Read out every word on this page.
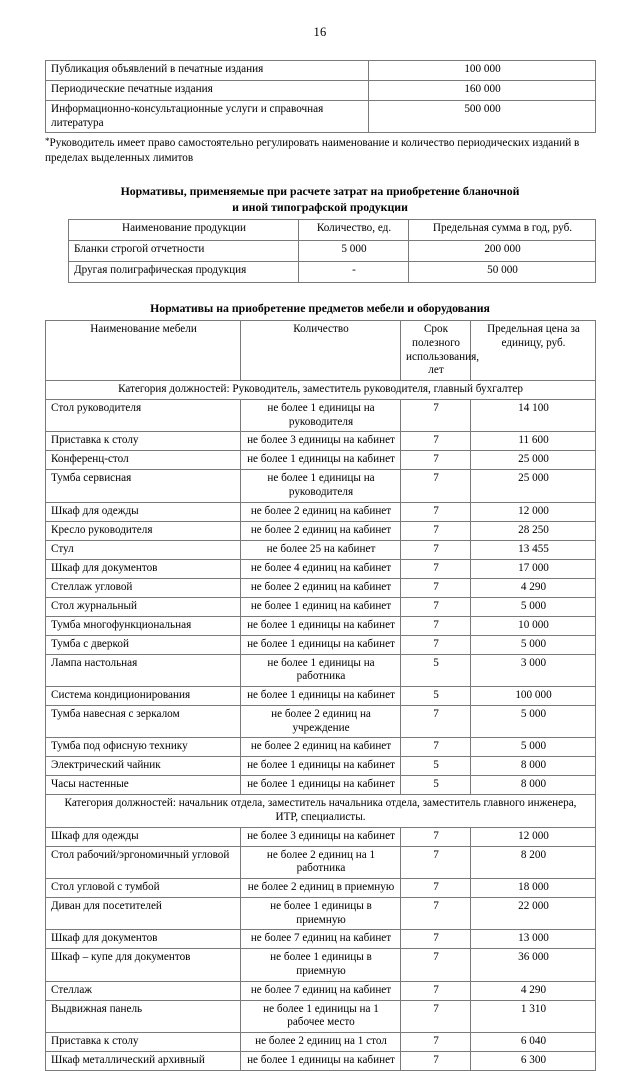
16
Публикация объявлений в печатные издания	100 000
Периодические печатные издания	160 000
Информационно-консультационные услуги и справочная литература	500 000
*Руководитель имеет право самостоятельно регулировать наименование и количество периодических изданий в пределах выделенных лимитов
Нормативы, применяемые при расчете затрат на приобретение бланочной
и иной типографской продукции
Наименование продукции	Количество, ед.	Предельная сумма в год, руб.
Бланки строгой отчетности	5 000	200 000
Другая полиграфическая продукция	-	50 000
Нормативы на приобретение предметов мебели и оборудования
Наименование мебели	Количество	Срок полезного использования, лет	Предельная цена за единицу, руб.
Категория должностей: Руководитель, заместитель руководителя, главный бухгалтер			
Стол руководителя	не более 1 единицы на руководителя	7	14 100
Приставка к столу	не более 3 единицы на кабинет	7	11 600
Конференц-стол	не более 1 единицы на кабинет	7	25 000
Тумба сервисная	не более 1 единицы на руководителя	7	25 000
Шкаф для одежды	не более 2 единиц на кабинет	7	12 000
Кресло руководителя	не более 2 единиц на кабинет	7	28 250
Стул	не более 25 на кабинет	7	13 455
Шкаф для документов	не более 4 единиц на кабинет	7	17 000
Стеллаж угловой	не более 2 единиц на кабинет	7	4 290
Стол журнальный	не более 1 единиц на кабинет	7	5 000
Тумба многофункциональная	не более 1 единицы на кабинет	7	10 000
Тумба с дверкой	не более 1 единицы на кабинет	7	5 000
Лампа настольная	не более 1 единицы на работника	5	3 000
Система кондиционирования	не более 1 единицы на кабинет	5	100 000
Тумба навесная с зеркалом	не более 2 единиц на учреждение	7	5 000
Тумба под офисную технику	не более 2 единиц на кабинет	7	5 000
Электрический чайник	не более 1 единицы на кабинет	5	8 000
Часы настенные	не более 1 единицы на кабинет	5	8 000
Категория должностей: начальник отдела, заместитель начальника отдела, заместитель главного инженера, ИТР, специалисты.			
Шкаф для одежды	не более 3 единицы на кабинет	7	12 000
Стол рабочий/эргономичный угловой	не более 2 единиц на 1 работника	7	8 200
Стол угловой с тумбой	не более 2 единиц в приемную	7	18 000
Диван для посетителей	не более 1 единицы в приемную	7	22 000
Шкаф для документов	не более 7 единиц на кабинет	7	13 000
Шкаф – купе для документов	не более 1 единицы в приемную	7	36 000
Стеллаж	не более 7 единиц на кабинет	7	4 290
Выдвижная панель	не более 1 единицы на 1 рабочее место	7	1 310
Приставка к столу	не более 2 единиц на 1 стол	7	6 040
Шкаф металлический архивный	не более 1 единицы на кабинет	7	6 300
